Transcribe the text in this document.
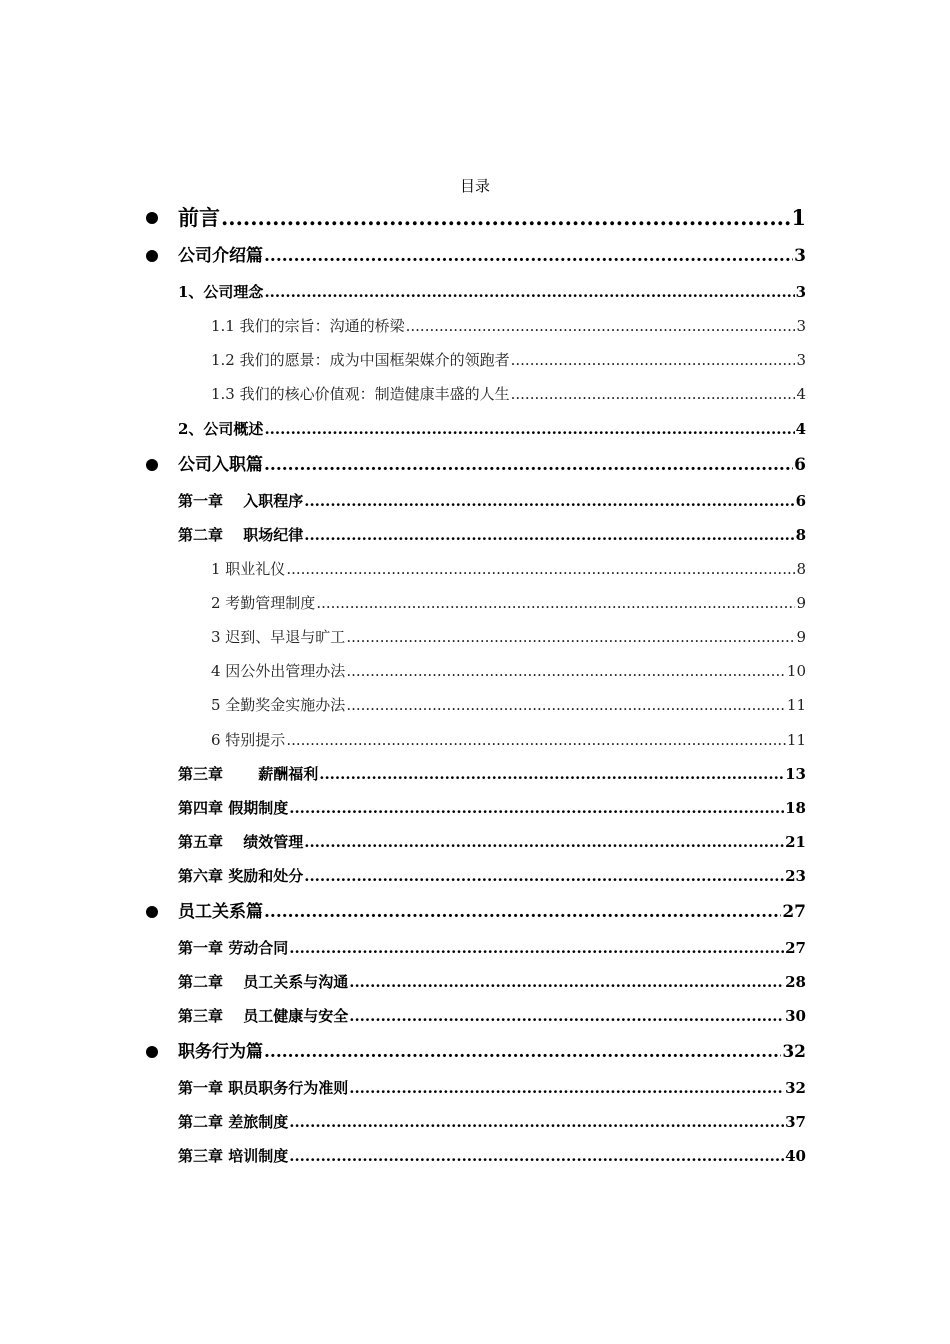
目录
前言 .....	1
公司介绍篇 .....	3
1、公司理念 .....	3
1.1 我们的宗旨：沟通的桥梁 .....	3
1.2 我们的愿景：成为中国框架媒介的领跑者 .....	3
1.3 我们的核心价值观：制造健康丰盛的人生 .....	4
2、公司概述 .....	4
公司入职篇 .....	6
第一章　 入职程序 .....	6
第二章　 职场纪律 .....	8
1 职业礼仪 .....	8
2 考勤管理制度 .....	9
3 迟到、早退与旷工 .....	9
4 因公外出管理办法 .....	10
5 全勤奖金实施办法 .....	11
6 特别提示 .....	11
第三章　　 薪酬福利 .....	13
第四章 假期制度 .....	18
第五章　 绩效管理 .....	21
第六章 奖励和处分 .....	23
员工关系篇 .....	27
第一章 劳动合同 .....	27
第二章　 员工关系与沟通 .....	28
第三章　 员工健康与安全 .....	30
职务行为篇 .....	32
第一章 职员职务行为准则 .....	32
第二章 差旅制度 .....	37
第三章 培训制度 .....	40
